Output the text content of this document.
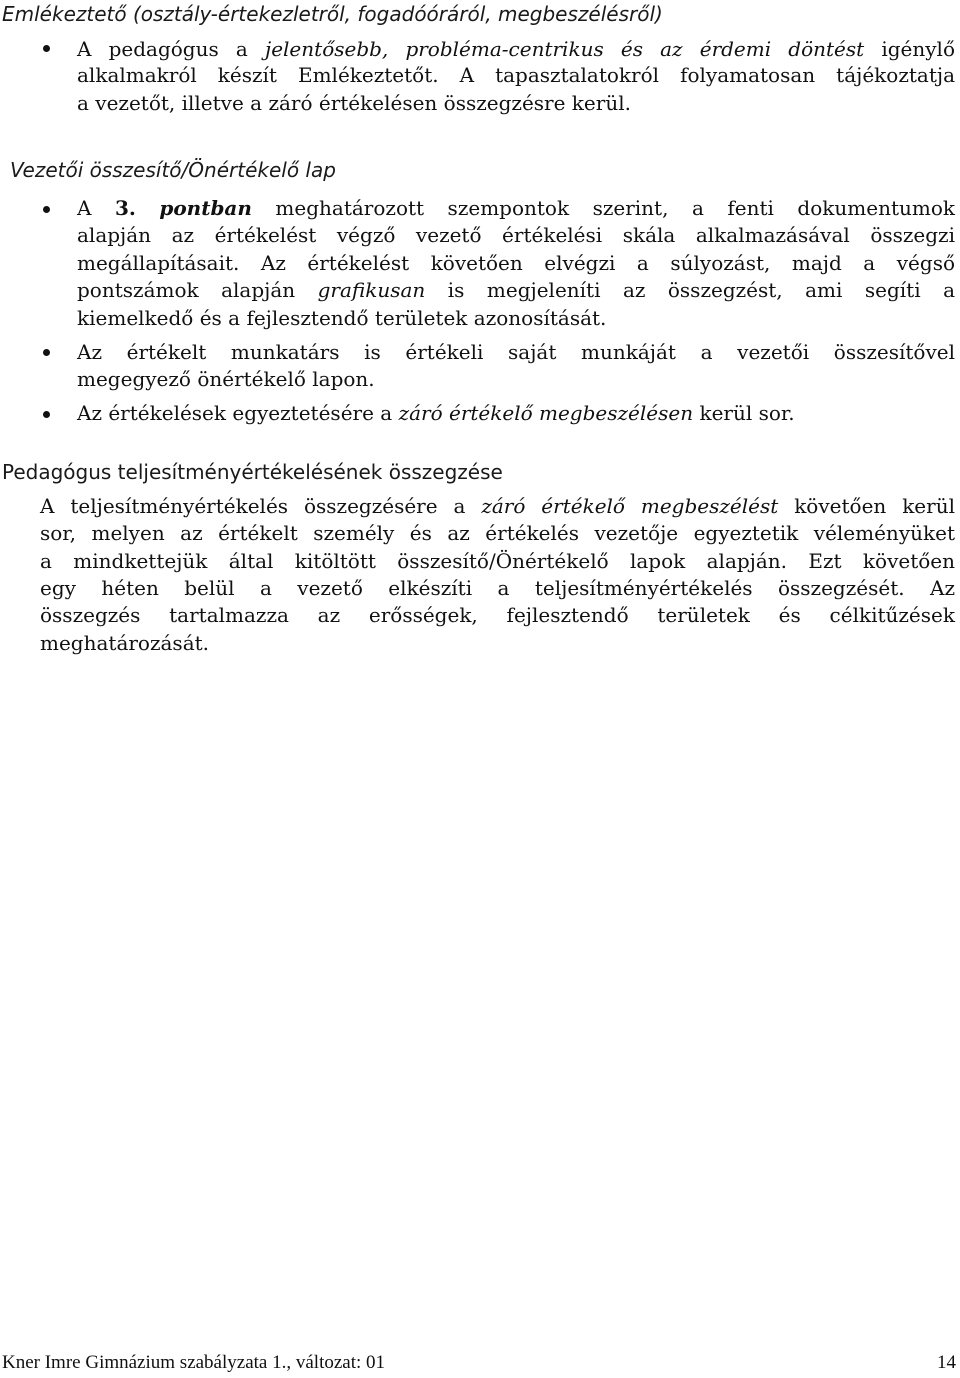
Emlékeztető (osztály-értekezletről, fogadóóráról, megbeszélésről)
A pedagógus a jelentősebb, probléma-centrikus és az érdemi döntést igénylő
alkalmakról készít Emlékeztetőt. A tapasztalatokról folyamatosan tájékoztatja
a vezetőt, illetve a záró értékelésen összegzésre kerül.
Vezetői összesítő/Önértékelő lap
A 3. pontban meghatározott szempontok szerint, a fenti dokumentumok
alapján az értékelést végző vezető értékelési skála alkalmazásával összegzi
megállapításait. Az értékelést követően elvégzi a súlyozást, majd a végső
pontszámok alapján grafikusan is megjeleníti az összegzést, ami segíti a
kiemelkedő és a fejlesztendő területek azonosítását.
Az értékelt munkatárs is értékeli saját munkáját a vezetői összesítővel
megegyező önértékelő lapon.
Az értékelések egyeztetésére a záró értékelő megbeszélésen kerül sor.
Pedagógus teljesítményértékelésének összegzése
A teljesítményértékelés összegzésére a záró értékelő megbeszélést követően kerül
sor, melyen az értékelt személy és az értékelés vezetője egyeztetik véleményüket
a mindkettejük által kitöltött összesítő/Önértékelő lapok alapján. Ezt követően
egy héten belül a vezető elkészíti a teljesítményértékelés összegzését. Az
összegzés tartalmazza az erősségek, fejlesztendő területek és célkitűzések
meghatározását.
Kner Imre Gimnázium szabályzata 1., változat: 01	14
